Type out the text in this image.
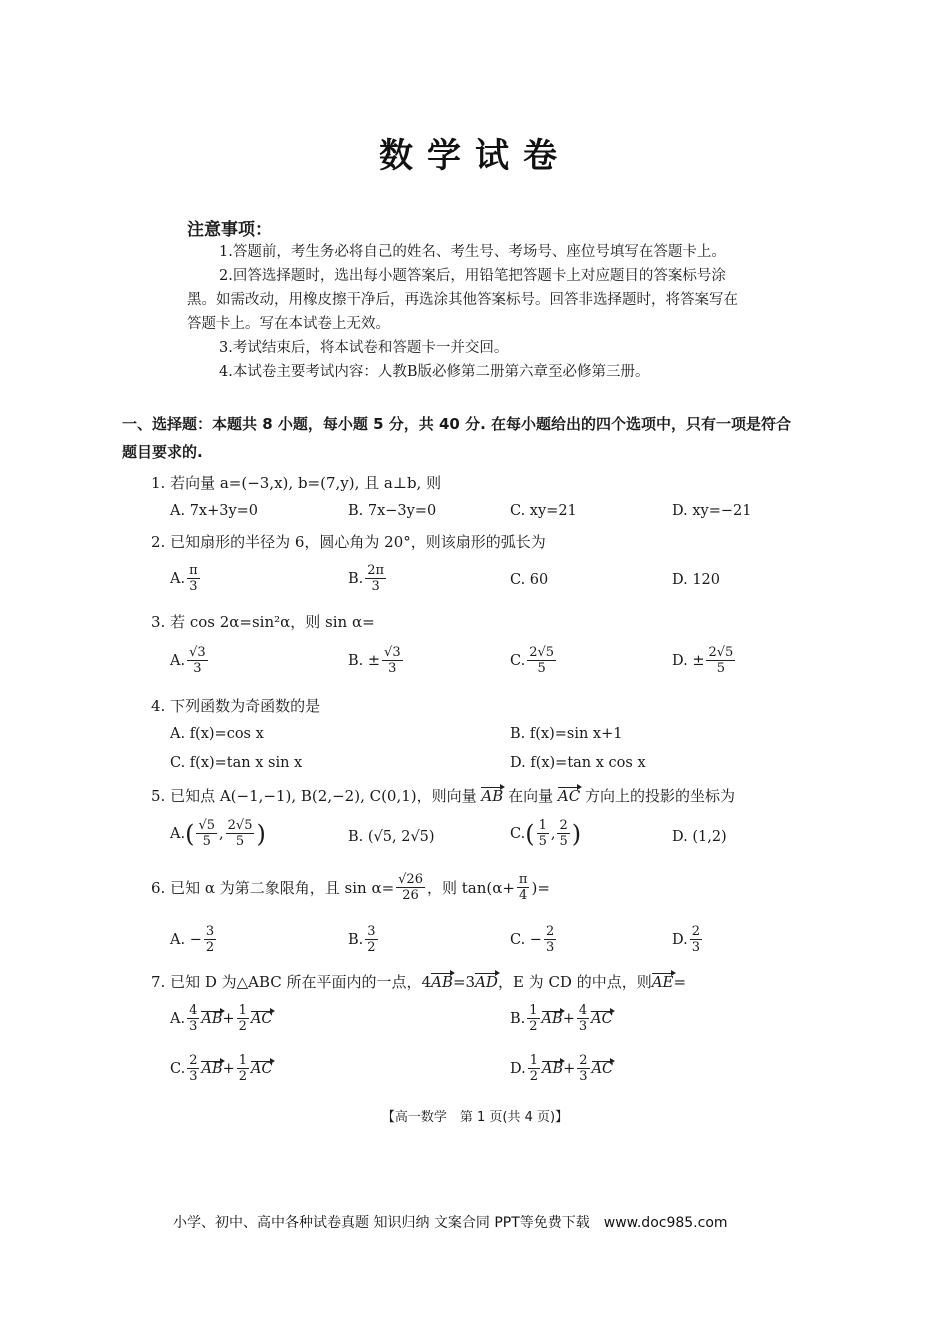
数学试卷
注意事项：
1.答题前，考生务必将自己的姓名、考生号、考场号、座位号填写在答题卡上。
2.回答选择题时，选出每小题答案后，用铅笔把答题卡上对应题目的答案标号涂
黑。如需改动，用橡皮擦干净后，再选涂其他答案标号。回答非选择题时，将答案写在
答题卡上。写在本试卷上无效。
3.考试结束后，将本试卷和答题卡一并交回。
4.本试卷主要考试内容：人教B版必修第二册第六章至必修第三册。
一、选择题：本题共 8 小题，每小题 5 分，共 40 分. 在每小题给出的四个选项中，只有一项是符合
题目要求的.
1. 若向量 a=(−3,x), b=(7,y), 且 a⊥b, 则
A. 7x+3y=0	B. 7x−3y=0	C. xy=21	D. xy=−21
2. 已知扇形的半径为 6，圆心角为 20°，则该扇形的弧长为
A. $\frac{\pi}{3}$	B. $\frac{2\pi}{3}$	C. 60	D. 120
3. 若 cos 2α=sin²α，则 sin α=
A. $\frac{√3}{3}$	B. ± $\frac{√3}{3}$	C. $\frac{2√5}{5}$	D. ± $\frac{2√5}{5}$
4. 下列函数为奇函数的是
A. f(x)=cos x	B. f(x)=sin x+1
C. f(x)=tan x sin x	D. f(x)=tan x cos x
5. 已知点 A(−1,−1), B(2,−2), C(0,1)，则向量 AB 在向量 AC 方向上的投影的坐标为
A. ( $\frac{√5}{5}$ , $\frac{2√5}{5}$ )	B. (√5, 2√5)	C. ( $\frac{1}{5}$ , $\frac{2}{5}$ )	D. (1,2)
6. 已知 α 为第二象限角，且 $\sin \alpha= \frac{√26}{26}$ ，则 $\tan(\alpha+ \frac{\pi}{4}$ )=
A. − $\frac{3}{2}$	B. $\frac{3}{2}$	C. − $\frac{2}{3}$	D. $\frac{2}{3}$
7. 已知 D 为△ABC 所在平面内的一点，4AB=3AD，E 为 CD 的中点，则AE=
A. $\frac{4}{3}$ AB + $\frac{1}{2}$ AC	B. $\frac{1}{2}$ AB + $\frac{4}{3}$ AC
C. $\frac{2}{3}$ AB + $\frac{1}{2}$ AC	D. $\frac{1}{2}$ AB + $\frac{2}{3}$ AC
【高一数学　第 1 页(共 4 页)】
小学、初中、高中各种试卷真题 知识归纳 文案合同 PPT等免费下载　www.doc985.com
